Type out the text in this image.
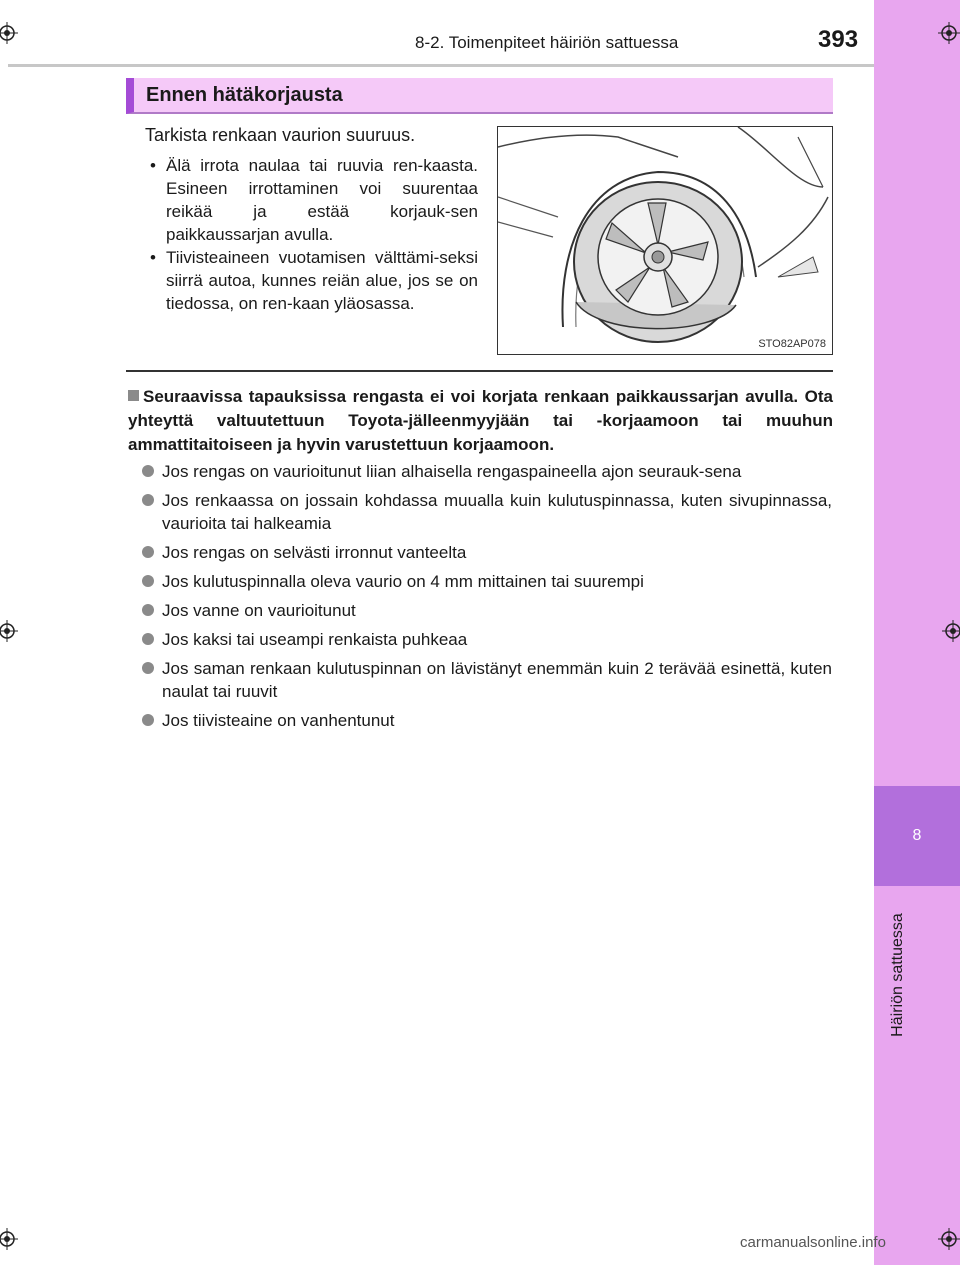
8
Häiriön sattuessa
8-2. Toimenpiteet häiriön sattuessa	393
Ennen hätäkorjausta
Tarkista renkaan vaurion suuruus.
• Älä irrota naulaa tai ruuvia ren-kaasta. Esineen irrottaminen voi suurentaa reikää ja estää korjauk-sen paikkaussarjan avulla.
• Tiivisteaineen vuotamisen välttämi-seksi siirrä autoa, kunnes reiän alue, jos se on tiedossa, on ren-kaan yläosassa.
STO82AP078
Seuraavissa tapauksissa rengasta ei voi korjata renkaan paikkaussarjan avulla. Ota yhteyttä valtuutettuun Toyota-jälleenmyyjään tai -korjaamoon tai muuhun ammattitaitoiseen ja hyvin varustettuun korjaamoon.
Jos rengas on vaurioitunut liian alhaisella rengaspaineella ajon seurauk-sena
Jos renkaassa on jossain kohdassa muualla kuin kulutuspinnassa, kuten sivupinnassa, vaurioita tai halkeamia
Jos rengas on selvästi irronnut vanteelta
Jos kulutuspinnalla oleva vaurio on 4 mm mittainen tai suurempi
Jos vanne on vaurioitunut
Jos kaksi tai useampi renkaista puhkeaa
Jos saman renkaan kulutuspinnan on lävistänyt enemmän kuin 2 terävää esinettä, kuten naulat tai ruuvit
Jos tiivisteaine on vanhentunut
carmanualsonline.info
